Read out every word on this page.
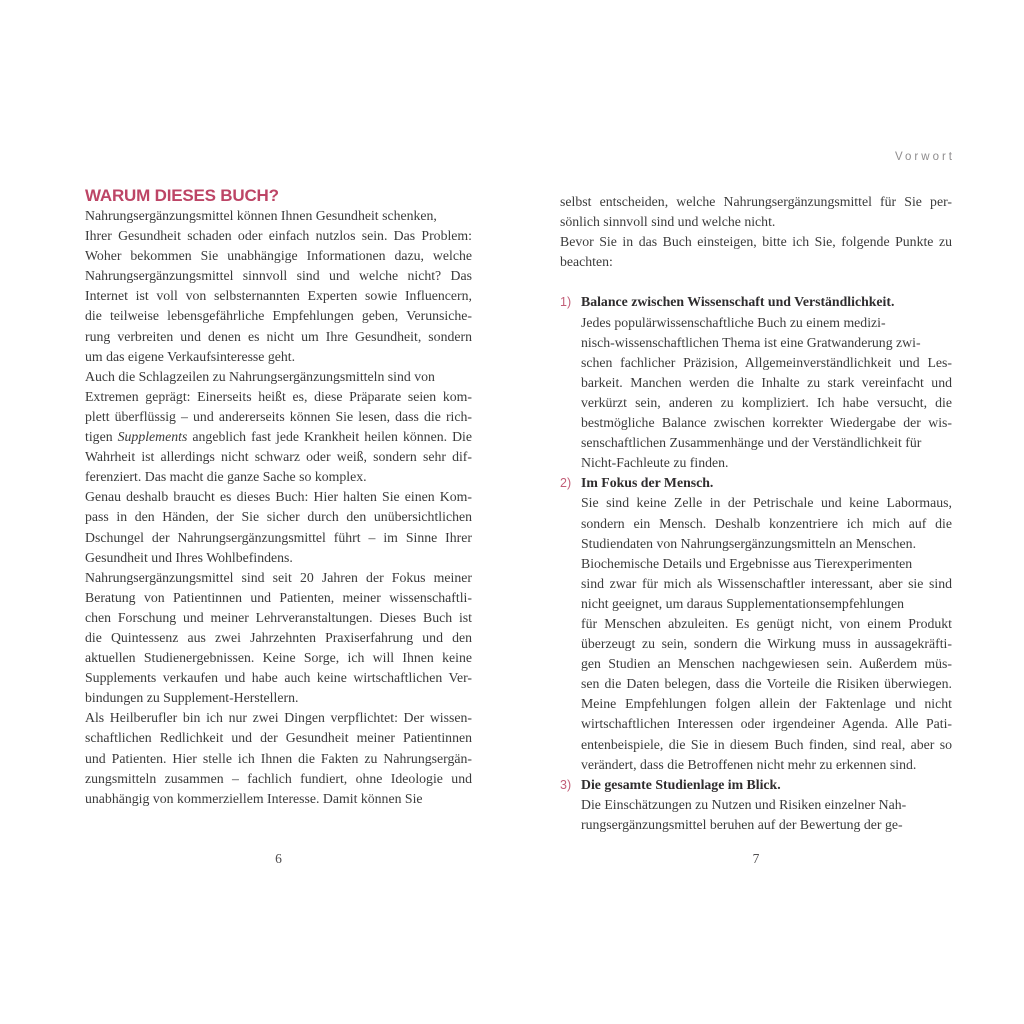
WARUM DIESES BUCH?
Nahrungsergänzungsmittel können Ihnen Gesundheit schenken,
Ihrer Gesundheit schaden oder einfach nutzlos sein. Das Problem:
Woher bekommen Sie unabhängige Informationen dazu, welche
Nahrungsergänzungsmittel sinnvoll sind und welche nicht? Das
Internet ist voll von selbsternannten Experten sowie Influencern,
die teilweise lebensgefährliche Empfehlungen geben, Verunsiche-
rung verbreiten und denen es nicht um Ihre Gesundheit, sondern
um das eigene Verkaufsinteresse geht.
Auch die Schlagzeilen zu Nahrungsergänzungsmitteln sind von
Extremen geprägt: Einerseits heißt es, diese Präparate seien kom-
plett überflüssig – und andererseits können Sie lesen, dass die rich-
tigen Supplements angeblich fast jede Krankheit heilen können. Die
Wahrheit ist allerdings nicht schwarz oder weiß, sondern sehr dif-
ferenziert. Das macht die ganze Sache so komplex.
Genau deshalb braucht es dieses Buch: Hier halten Sie einen Kom-
pass in den Händen, der Sie sicher durch den unübersichtlichen
Dschungel der Nahrungsergänzungsmittel führt – im Sinne Ihrer
Gesundheit und Ihres Wohlbefindens.
Nahrungsergänzungsmittel sind seit 20 Jahren der Fokus meiner
Beratung von Patientinnen und Patienten, meiner wissenschaftli-
chen Forschung und meiner Lehrveranstaltungen. Dieses Buch ist
die Quintessenz aus zwei Jahrzehnten Praxiserfahrung und den
aktuellen Studienergebnissen. Keine Sorge, ich will Ihnen keine
Supplements verkaufen und habe auch keine wirtschaftlichen Ver-
bindungen zu Supplement-Herstellern.
Als Heilberufler bin ich nur zwei Dingen verpflichtet: Der wissen-
schaftlichen Redlichkeit und der Gesundheit meiner Patientinnen
und Patienten. Hier stelle ich Ihnen die Fakten zu Nahrungsergän-
zungsmitteln zusammen – fachlich fundiert, ohne Ideologie und
unabhängig von kommerziellem Interesse. Damit können Sie
Vorwort
selbst entscheiden, welche Nahrungsergänzungsmittel für Sie per-
sönlich sinnvoll sind und welche nicht.
Bevor Sie in das Buch einsteigen, bitte ich Sie, folgende Punkte zu
beachten:
1) Balance zwischen Wissenschaft und Verständlichkeit.
Jedes populärwissenschaftliche Buch zu einem medizi-
nisch-wissenschaftlichen Thema ist eine Gratwanderung zwi-
schen fachlicher Präzision, Allgemeinverständlichkeit und Les-
barkeit. Manchen werden die Inhalte zu stark vereinfacht und
verkürzt sein, anderen zu kompliziert. Ich habe versucht, die
bestmögliche Balance zwischen korrekter Wiedergabe der wis-
senschaftlichen Zusammenhänge und der Verständlichkeit für
Nicht-Fachleute zu finden.
2) Im Fokus der Mensch.
Sie sind keine Zelle in der Petrischale und keine Labormaus,
sondern ein Mensch. Deshalb konzentriere ich mich auf die
Studiendaten von Nahrungsergänzungsmitteln an Menschen.
Biochemische Details und Ergebnisse aus Tierexperimenten
sind zwar für mich als Wissenschaftler interessant, aber sie sind
nicht geeignet, um daraus Supplementationsempfehlungen
für Menschen abzuleiten. Es genügt nicht, von einem Produkt
überzeugt zu sein, sondern die Wirkung muss in aussagekräfti-
gen Studien an Menschen nachgewiesen sein. Außerdem müs-
sen die Daten belegen, dass die Vorteile die Risiken überwiegen.
Meine Empfehlungen folgen allein der Faktenlage und nicht
wirtschaftlichen Interessen oder irgendeiner Agenda. Alle Pati-
entenbeispiele, die Sie in diesem Buch finden, sind real, aber so
verändert, dass die Betroffenen nicht mehr zu erkennen sind.
3) Die gesamte Studienlage im Blick.
Die Einschätzungen zu Nutzen und Risiken einzelner Nah-
rungsergänzungsmittel beruhen auf der Bewertung der ge-
6	7
